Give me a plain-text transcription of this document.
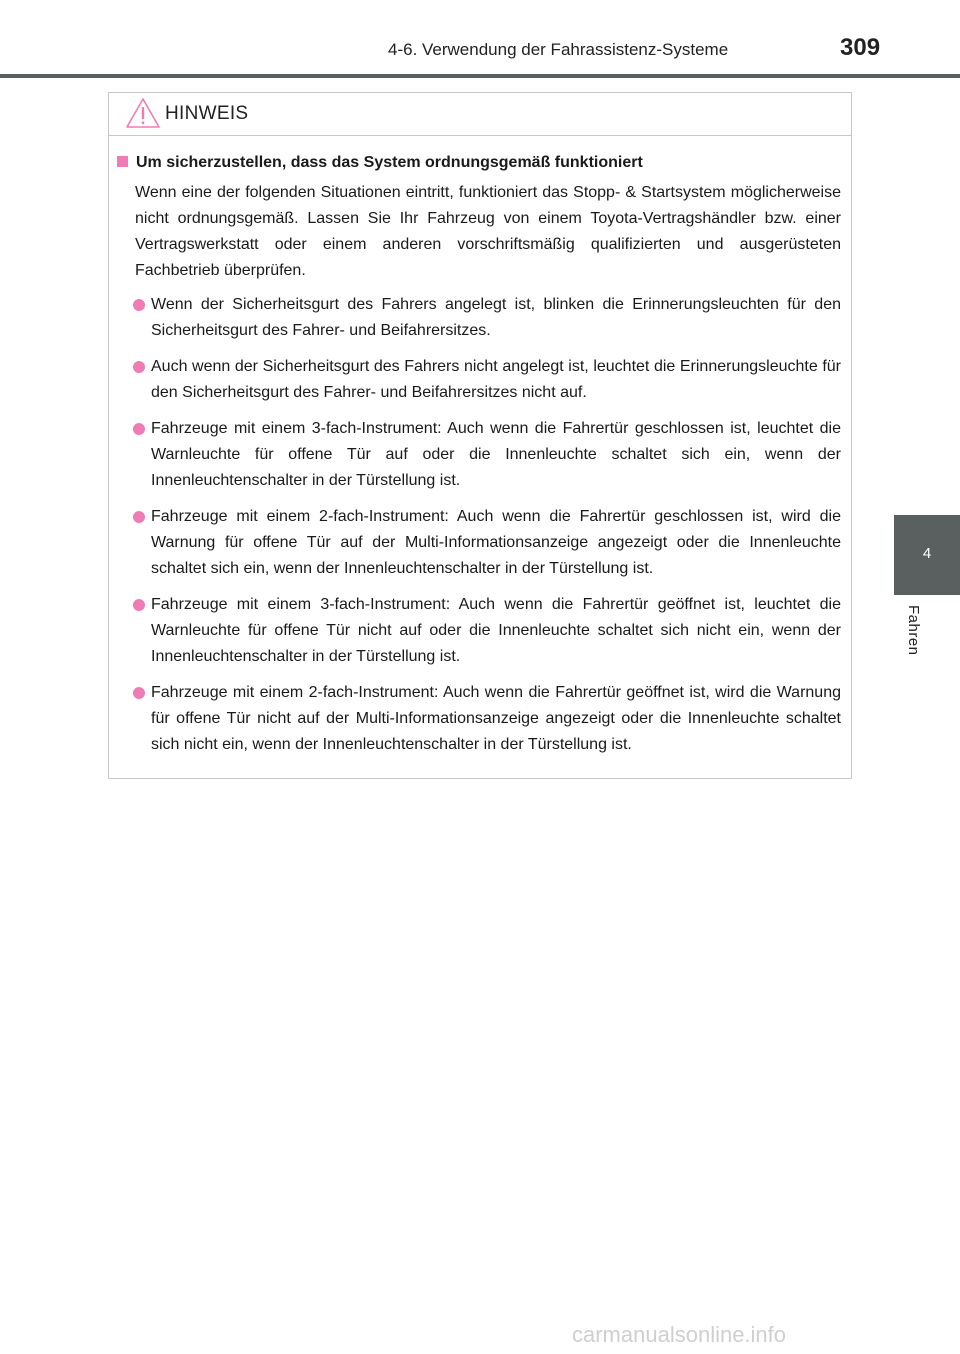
4-6. Verwendung der Fahrassistenz-Systeme	309
4
Fahren
HINWEIS
Um sicherzustellen, dass das System ordnungsgemäß funktioniert

Wenn eine der folgenden Situationen eintritt, funktioniert das Stopp- & Startsystem möglicherweise nicht ordnungsgemäß. Lassen Sie Ihr Fahrzeug von einem Toyota-Vertragshändler bzw. einer Vertragswerkstatt oder einem anderen vorschriftsmäßig qualifizierten und ausgerüsteten Fachbetrieb überprüfen.

Wenn der Sicherheitsgurt des Fahrers angelegt ist, blinken die Erinnerungsleuchten für den Sicherheitsgurt des Fahrer- und Beifahrersitzes.
Auch wenn der Sicherheitsgurt des Fahrers nicht angelegt ist, leuchtet die Erinnerungsleuchte für den Sicherheitsgurt des Fahrer- und Beifahrersitzes nicht auf.
Fahrzeuge mit einem 3-fach-Instrument: Auch wenn die Fahrertür geschlossen ist, leuchtet die Warnleuchte für offene Tür auf oder die Innenleuchte schaltet sich ein, wenn der Innenleuchtenschalter in der Türstellung ist.
Fahrzeuge mit einem 2-fach-Instrument: Auch wenn die Fahrertür geschlossen ist, wird die Warnung für offene Tür auf der Multi-Informationsanzeige angezeigt oder die Innenleuchte schaltet sich ein, wenn der Innenleuchtenschalter in der Türstellung ist.
Fahrzeuge mit einem 3-fach-Instrument: Auch wenn die Fahrertür geöffnet ist, leuchtet die Warnleuchte für offene Tür nicht auf oder die Innenleuchte schaltet sich nicht ein, wenn der Innenleuchtenschalter in der Türstellung ist.
Fahrzeuge mit einem 2-fach-Instrument: Auch wenn die Fahrertür geöffnet ist, wird die Warnung für offene Tür nicht auf der Multi-Informationsanzeige angezeigt oder die Innenleuchte schaltet sich nicht ein, wenn der Innenleuchtenschalter in der Türstellung ist.
carmanualsonline.info
